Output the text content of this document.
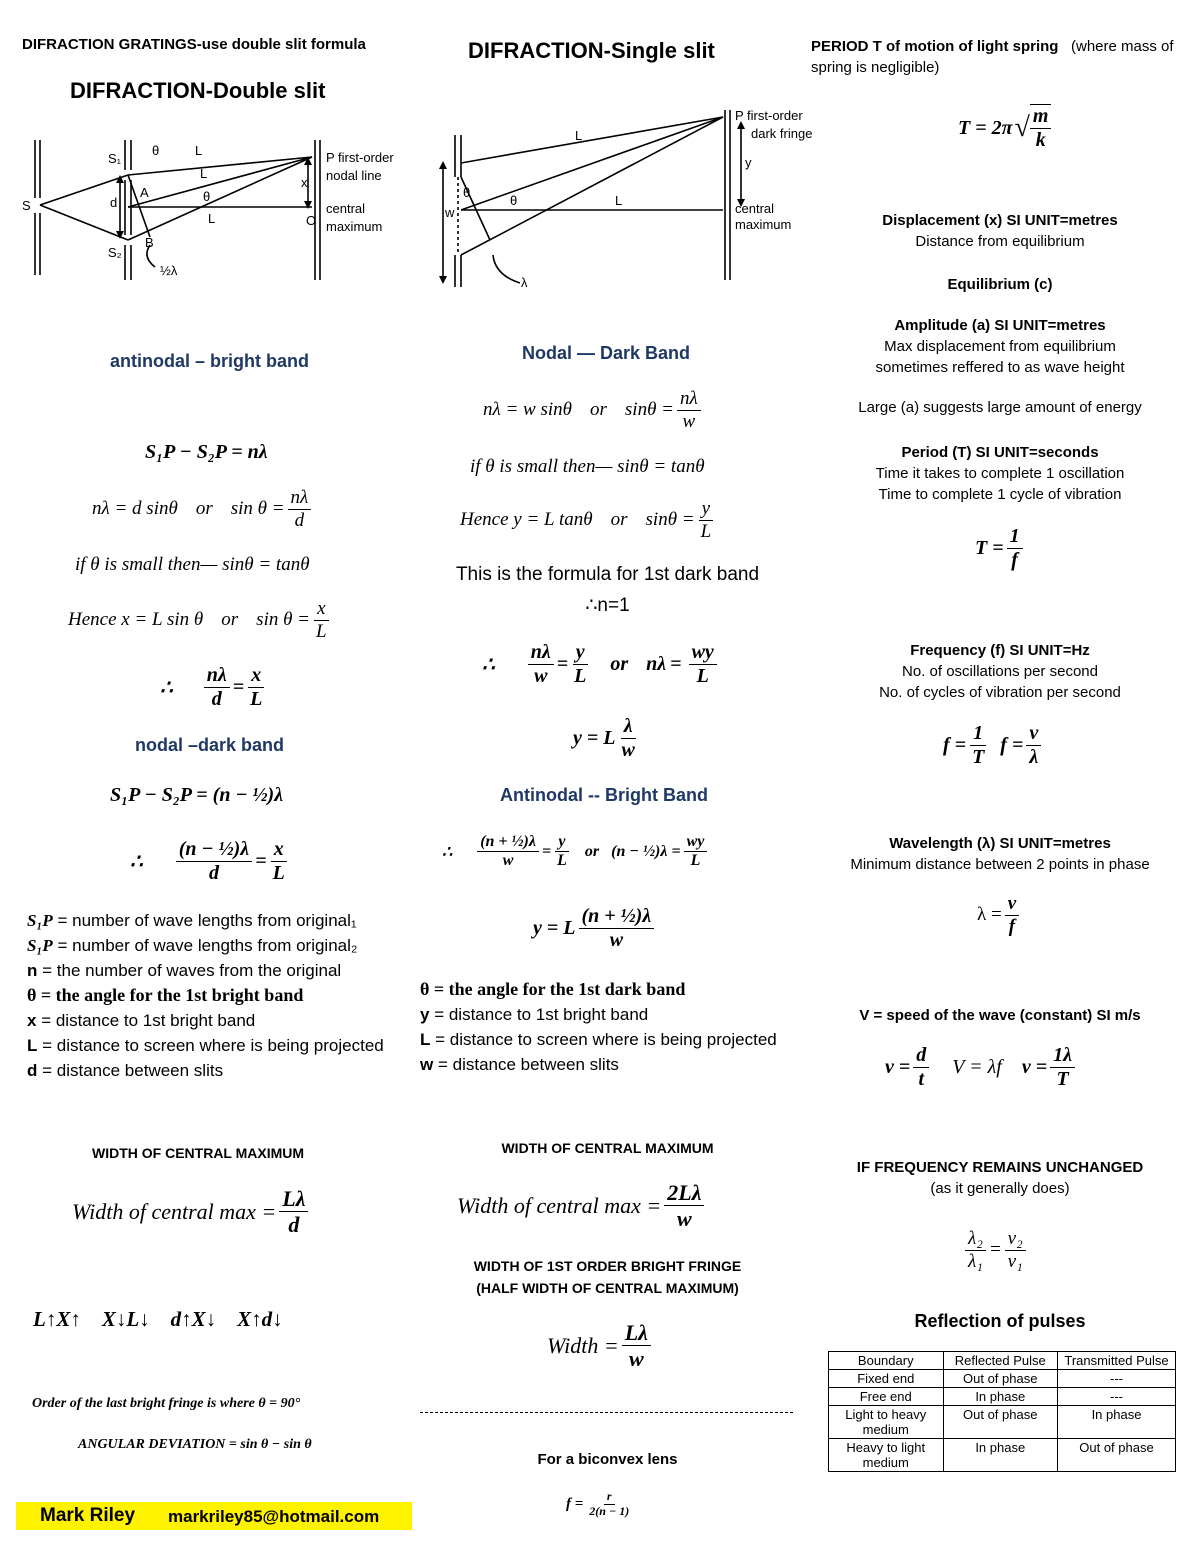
DIFRACTION GRATINGS-use double slit formula
DIFRACTION-Double slit
S
S₁
S₂
θ	L
L
θ
L
d
A
B
x
O
½λ
P first-order
nodal line
central
maximum
antinodal – bright band
S₁P − S₂P = nλ
nλ = d sinθ or $\sin \theta = \frac{n\lambda}{d}$
if θ is small then— sinθ = tanθ
Hence x = L sin θ or $\sin \theta = \frac{x}{L}$
∴ $\frac{n\lambda}{d} = \frac{x}{L}$
nodal –dark band
S₁P − S₂P = (n − ½)λ
∴ $\frac{\text{(n − ½)λ}}{d} = \frac{x}{L}$
S₁P = number of wave lengths from original₁
S₁P = number of wave lengths from original₂
n = the number of waves from the original
θ = the angle for the 1st bright band
x = distance to 1st bright band
L = distance to screen where is being projected
d = distance between slits
WIDTH OF CENTRAL MAXIMUM
Width of central $\max = \frac{L\lambda}{d}$
L↑X↑    X↓L↓    d↑X↓    X↑d↓
Order of the last bright fringe is where θ = 90°
ANGULAR DEVIATION = sin θ − sin θ
Mark Riley markriley85@hotmail.com
DIFRACTION-Single slit
L
L
w
θ
θ
y
λ
P first-order
dark fringe
central
maximum
Nodal — Dark Band
nλ = w sinθ or $\sin\theta = \frac{n\lambda}{w}$
if θ is small then— sinθ = tanθ
Hence y = L tanθ or $\sin\theta = \frac{y}{L}$
This is the formula for 1st dark band
∴n=1
∴ $\frac{n\lambda}{w} = \frac{y}{L}$ or $n\lambda = \frac{wy}{L}$
y = L $\frac{\lambda}{w}$
Antinodal -- Bright Band
∴ $\frac{\text{(n + ½)λ}}{w} = \frac{y}{L}$ or (n − ½)λ = $\frac{wy}{L}$
y = L $\frac{\text{(n + ½)λ}}{w}$
θ = the angle for the 1st dark band
y = distance to 1st bright band
L = distance to screen where is being projected
w = distance between slits
WIDTH OF CENTRAL MAXIMUM
Width of central $\max = \frac{2L\lambda}{w}$
WIDTH OF 1ST ORDER BRIGHT FRINGE
(HALF WIDTH OF CENTRAL MAXIMUM)
Width = $\frac{L\lambda}{w}$
For a biconvex lens
$f = \frac{r}{2(n - 1)}$
PERIOD T of motion of light spring (where mass of spring is negligible)
T = 2π √ $\frac{m}{k}$
Displacement (x) SI UNIT=metres
Distance from equilibrium
Equilibrium (c)
Amplitude (a) SI UNIT=metres
Max displacement from equilibrium
sometimes reffered to as wave height
Large (a) suggests large amount of energy
Period (T) SI UNIT=seconds
Time it takes to complete 1 oscillation
Time to complete 1 cycle of vibration
$T = \frac{1}{f}$
Frequency (f) SI UNIT=Hz
No. of oscillations per second
No. of cycles of vibration per second
$f = \frac{1}{T}$ $f = \frac{v}{\lambda}$
Wavelength (λ) SI UNIT=metres
Minimum distance between 2 points in phase
$\lambda = \frac{v}{f}$
V = speed of the wave (constant) SI m/s
$v = \frac{d}{t}$ V = λf $v = \frac{1\lambda}{T}$
IF FREQUENCY REMAINS UNCHANGED
(as it generally does)
$\frac{\text{λ₂}}{\text{λ₁}} = \frac{\text{v₂}}{\text{v₁}}$
Reflection of pulses
Boundary	Reflected Pulse	Transmitted Pulse
Fixed end	Out of phase	---
Free end	In phase	---
Light to heavy medium	Out of phase	In phase
Heavy to light medium	In phase	Out of phase
